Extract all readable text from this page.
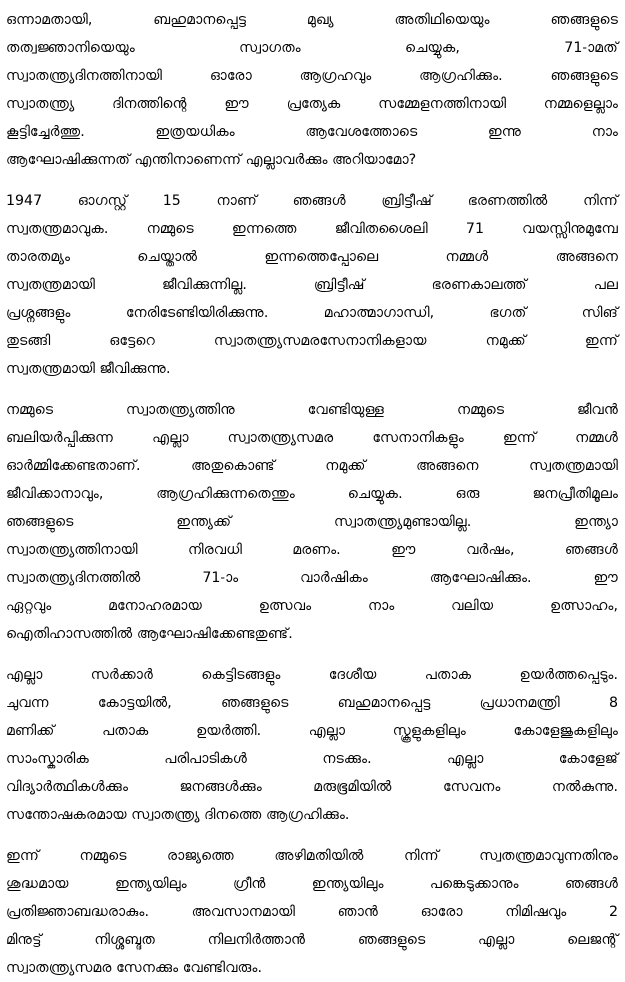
ഒന്നാമതായി, ബഹുമാനപ്പെട്ട മുഖ്യ അതിഥിയെയും ഞങ്ങളുടെ
തത്വജ്ഞാനിയെയും സ്വാഗതം ചെയ്യുക, 71-ാമത്
സ്വാതന്ത്ര്യദിനത്തിനായി ഓരോ ആഗ്രഹവും ആഗ്രഹിക്കും. ഞങ്ങളുടെ
സ്വാതന്ത്ര്യ ദിനത്തിന്റെ ഈ പ്രത്യേക സമ്മേളനത്തിനായി നമ്മളെല്ലാം
കൂട്ടിച്ചേർത്തു. ഇത്രയധികം ആവേശത്തോടെ ഇന്നു നാം
ആഘോഷിക്കുന്നത് എന്തിനാണെന്ന് എല്ലാവർക്കും അറിയാമോ?

1947 ഓഗസ്റ്റ് 15 നാണ് ഞങ്ങൾ ബ്രിട്ടീഷ് ഭരണത്തിൽ നിന്ന്
സ്വതന്ത്രമാവുക. നമ്മുടെ ഇന്നത്തെ ജീവിതശൈലി 71 വയസ്സിനുമുമ്പേ
താരതമ്യം ചെയ്താൽ ഇന്നത്തെപ്പോലെ നമ്മൾ അങ്ങനെ
സ്വതന്ത്രമായി ജീവിക്കുന്നില്ല. ബ്രിട്ടീഷ് ഭരണകാലത്ത് പല
പ്രശ്നങ്ങളും നേരിടേണ്ടിയിരിക്കുന്നു. മഹാത്മാഗാന്ധി, ഭഗത് സിങ്
തുടങ്ങി ഒട്ടേറെ സ്വാതന്ത്ര്യസമരസേനാനികളായ നമുക്ക് ഇന്ന്
സ്വതന്ത്രമായി ജീവിക്കുന്നു.

നമ്മുടെ സ്വാതന്ത്ര്യത്തിനു വേണ്ടിയുള്ള നമ്മുടെ ജീവൻ
ബലിയർപ്പിക്കുന്ന എല്ലാ സ്വാതന്ത്ര്യസമര സേനാനികളും ഇന്ന് നമ്മൾ
ഓർമ്മിക്കേണ്ടതാണ്. അതുകൊണ്ട് നമുക്ക് അങ്ങനെ സ്വതന്ത്രമായി
ജീവിക്കാനാവും, ആഗ്രഹിക്കുന്നതെന്തും ചെയ്യുക. ഒരു ജനപ്രീതിമൂലം
ഞങ്ങളുടെ ഇന്ത്യക്ക് സ്വാതന്ത്ര്യമുണ്ടായില്ല. ഇന്ത്യാ
സ്വാതന്ത്ര്യത്തിനായി നിരവധി മരണം. ഈ വർഷം, ഞങ്ങൾ
സ്വാതന്ത്ര്യദിനത്തിൽ 71-ാം വാർഷികം ആഘോഷിക്കും. ഈ
ഏറ്റവും മനോഹരമായ ഉത്സവം നാം വലിയ ഉത്സാഹം,
ഐതിഹാസത്തിൽ ആഘോഷിക്കേണ്ടതുണ്ട്.

എല്ലാ സർക്കാർ കെട്ടിടങ്ങളും ദേശീയ പതാക ഉയർത്തപ്പെടും.
ചുവന്ന കോട്ടയിൽ, ഞങ്ങളുടെ ബഹുമാനപ്പെട്ട പ്രധാനമന്ത്രി 8
മണിക്ക് പതാക ഉയർത്തി. എല്ലാ സ്കൂളുകളിലും കോളേജുകളിലും
സാംസ്കാരിക പരിപാടികൾ നടക്കും. എല്ലാ കോളേജ്
വിദ്യാർത്ഥികൾക്കും ജനങ്ങൾക്കും മരുഭൂമിയിൽ സേവനം നൽകുന്നു.
സന്തോഷകരമായ സ്വാതന്ത്ര്യ ദിനത്തെ ആഗ്രഹിക്കും.

ഇന്ന് നമ്മുടെ രാജ്യത്തെ അഴിമതിയിൽ നിന്ന് സ്വതന്ത്രമാവുന്നതിനും
ശുദ്ധമായ ഇന്ത്യയിലും ഗ്രീൻ ഇന്ത്യയിലും പങ്കെടുക്കാനും ഞങ്ങൾ
പ്രതിജ്ഞാബദ്ധരാകും. അവസാനമായി ഞാൻ ഓരോ നിമിഷവും 2
മിനുട്ട് നിശ്ശബ്ദത നിലനിർത്താൻ ഞങ്ങളുടെ എല്ലാ ലെജന്റ്
സ്വാതന്ത്ര്യസമര സേനക്കും വേണ്ടിവരും.
